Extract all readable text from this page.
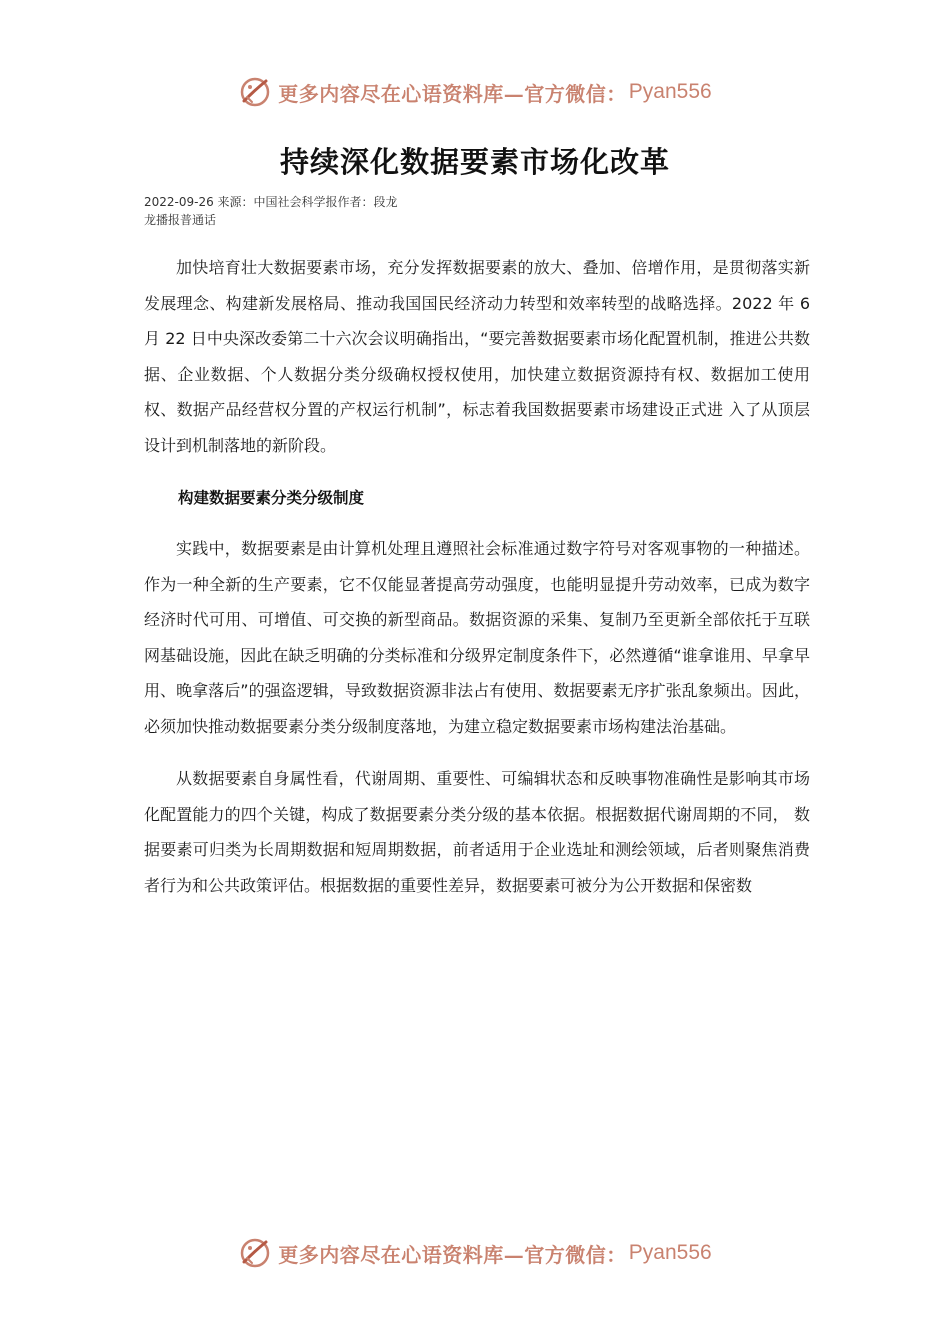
更多内容尽在心语资料库—官方微信： Pyan556
持续深化数据要素市场化改革
2022-09-26 来源：中国社会科学报作者：段龙
龙播报普通话

加快培育壮大数据要素市场，充分发挥数据要素的放大、叠加、倍增作用，是贯彻落实新发展理念、构建新发展格局、推动我国国民经济动力转型和效率转型的战略选择。2022 年 6 月 22 日中央深改委第二十六次会议明确指出，“要完善数据要素市场化配置机制，推进公共数据、企业数据、个人数据分类分级确权授权使用，加快建立数据资源持有权、数据加工使用权、数据产品经营权分置的产权运行机制”，标志着我国数据要素市场建设正式进 入了从顶层设计到机制落地的新阶段。

构建数据要素分类分级制度

实践中，数据要素是由计算机处理且遵照社会标准通过数字符号对客观事物的一种描述。作为一种全新的生产要素，它不仅能显著提高劳动强度，也能明显提升劳动效率，已成为数字经济时代可用、可增值、可交换的新型商品。数据资源的采集、复制乃至更新全部依托于互联网基础设施，因此在缺乏明确的分类标准和分级界定制度条件下，必然遵循“谁拿谁用、早拿早用、晚拿落后”的强盗逻辑，导致数据资源非法占有使用、数据要素无序扩张乱象频出。因此，必须加快推动数据要素分类分级制度落地，为建立稳定数据要素市场构建法治基础。

从数据要素自身属性看，代谢周期、重要性、可编辑状态和反映事物准确性是影响其市场化配置能力的四个关键，构成了数据要素分类分级的基本依据。根据数据代谢周期的不同， 数据要素可归类为长周期数据和短周期数据，前者适用于企业选址和测绘领域，后者则聚焦消费者行为和公共政策评估。根据数据的重要性差异，数据要素可被分为公开数据和保密数

更多内容尽在心语资料库—官方微信： Pyan556
